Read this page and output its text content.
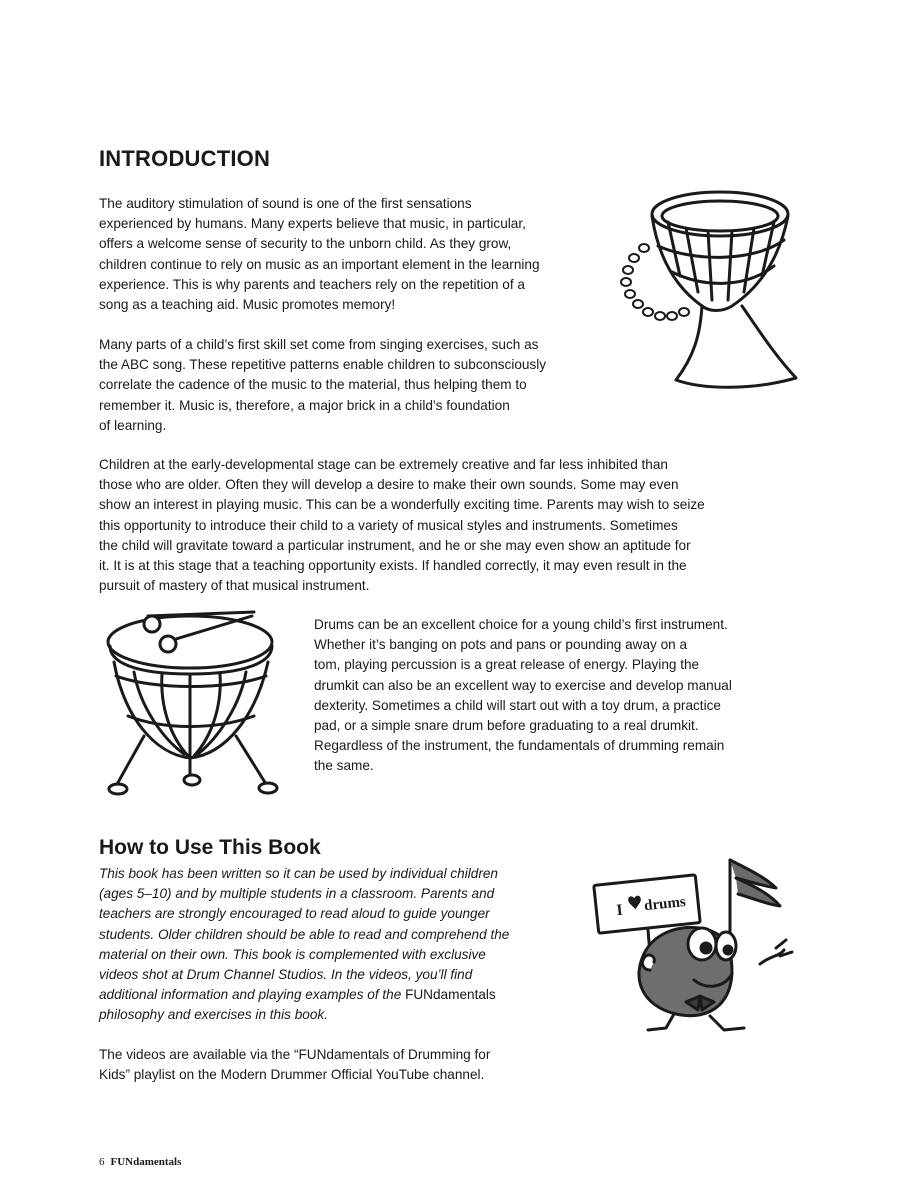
INTRODUCTION
The auditory stimulation of sound is one of the first sensations
experienced by humans. Many experts believe that music, in particular,
offers a welcome sense of security to the unborn child. As they grow,
children continue to rely on music as an important element in the learning
experience. This is why parents and teachers rely on the repetition of a
song as a teaching aid. Music promotes memory!
Many parts of a child’s first skill set come from singing exercises, such as
the ABC song. These repetitive patterns enable children to subconsciously
correlate the cadence of the music to the material, thus helping them to
remember it. Music is, therefore, a major brick in a child’s foundation
of learning.
Children at the early-developmental stage can be extremely creative and far less inhibited than
those who are older. Often they will develop a desire to make their own sounds. Some may even
show an interest in playing music. This can be a wonderfully exciting time. Parents may wish to seize
this opportunity to introduce their child to a variety of musical styles and instruments. Sometimes
the child will gravitate toward a particular instrument, and he or she may even show an aptitude for
it. It is at this stage that a teaching opportunity exists. If handled correctly, it may even result in the
pursuit of mastery of that musical instrument.
Drums can be an excellent choice for a young child’s first instrument.
Whether it’s banging on pots and pans or pounding away on a
tom, playing percussion is a great release of energy. Playing the
drumkit can also be an excellent way to exercise and develop manual
dexterity. Sometimes a child will start out with a toy drum, a practice
pad, or a simple snare drum before graduating to a real drumkit.
Regardless of the instrument, the fundamentals of drumming remain
the same.
How to Use This Book
This book has been written so it can be used by individual children
(ages 5–10) and by multiple students in a classroom. Parents and
teachers are strongly encouraged to read aloud to guide younger
students. Older children should be able to read and comprehend the
material on their own. This book is complemented with exclusive
videos shot at Drum Channel Studios. In the videos, you’ll find
additional information and playing examples of the FUNdamentals
philosophy and exercises in this book.
The videos are available via the “FUNdamentals of Drumming for
Kids” playlist on the Modern Drummer Official YouTube channel.
I drums
6 FUNdamentals
